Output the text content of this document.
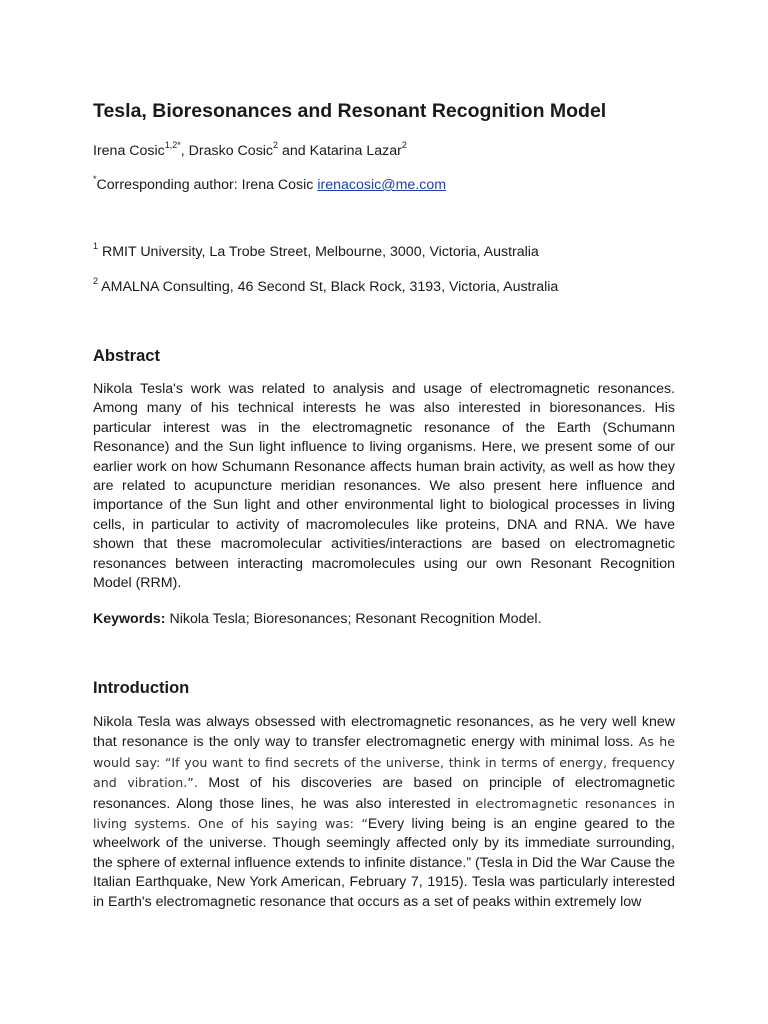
Tesla, Bioresonances and Resonant Recognition Model

Irena Cosic$^{1,2*}$, Drasko Cosic$^2$ and Katarina Lazar$^2$

*Corresponding author: Irena Cosic irenacosic@me.com

$^1$ RMIT University, La Trobe Street, Melbourne, 3000, Victoria, Australia

$^2$ AMALNA Consulting, 46 Second St, Black Rock, 3193, Victoria, Australia

Abstract

Nikola Tesla's work was related to analysis and usage of electromagnetic resonances. Among many of his technical interests he was also interested in bioresonances. His particular interest was in the electromagnetic resonance of the Earth (Schumann Resonance) and the Sun light influence to living organisms. Here, we present some of our earlier work on how Schumann Resonance affects human brain activity, as well as how they are related to acupuncture meridian resonances. We also present here influence and importance of the Sun light and other environmental light to biological processes in living cells, in particular to activity of macromolecules like proteins, DNA and RNA. We have shown that these macromolecular activities/interactions are based on electromagnetic resonances between interacting macromolecules using our own Resonant Recognition Model (RRM).

Keywords: Nikola Tesla; Bioresonances; Resonant Recognition Model.

Introduction

Nikola Tesla was always obsessed with electromagnetic resonances, as he very well knew that resonance is the only way to transfer electromagnetic energy with minimal loss. As he would say: “If you want to find secrets of the universe, think in terms of energy, frequency and vibration.”. Most of his discoveries are based on principle of electromagnetic resonances. Along those lines, he was also interested in electromagnetic resonances in living systems. One of his saying was: “Every living being is an engine geared to the wheelwork of the universe. Though seemingly affected only by its immediate surrounding, the sphere of external influence extends to infinite distance.” (Tesla in Did the War Cause the Italian Earthquake, New York American, February 7, 1915). Tesla was particularly interested in Earth's electromagnetic resonance that occurs as a set of peaks within extremely low
